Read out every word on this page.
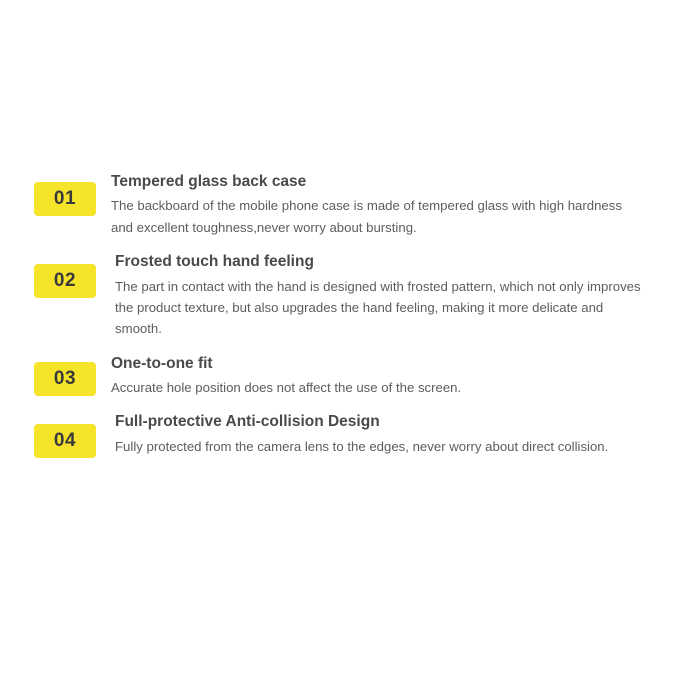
01

Tempered glass back case

The backboard of the mobile phone case is made of tempered glass with high hardness and excellent toughness,never worry about bursting.

02

Frosted touch hand feeling

The part in contact with the hand is designed with frosted pattern, which not only improves the product texture, but also upgrades the hand feeling, making it more delicate and smooth.

03

One-to-one fit

Accurate hole position does not affect the use of the screen.

04

Full-protective Anti-collision Design

Fully protected from the camera lens to the edges, never worry about direct collision.
